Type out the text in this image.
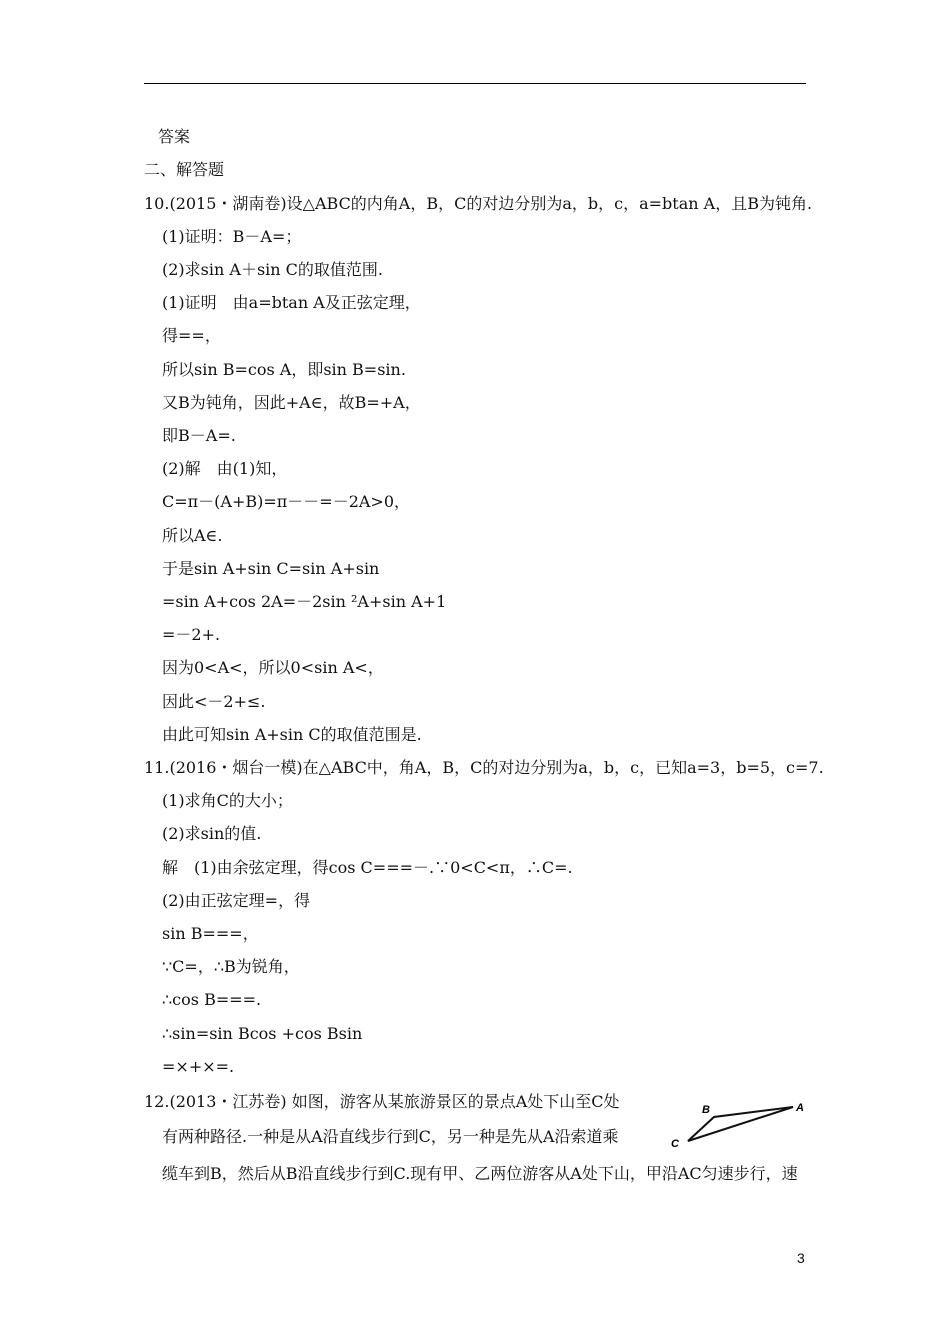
答案
二、解答题
10.(2015・湖南卷)设△ABC的内角A，B，C的对边分别为a，b，c，a=btan A，且B为钝角.
(1)证明：B－A=；
(2)求sin A＋sin C的取值范围.
(1)证明　由a=btan A及正弦定理，
得==，
所以sin B=cos A，即sin B=sin.
又B为钝角，因此+A∈，故B=+A，
即B－A=.
(2)解　由(1)知，
C=π－(A+B)=π－－=－2A>0，
所以A∈.
于是sin A+sin C=sin A+sin
=sin A+cos 2A=－2sin ²A+sin A+1
=－2+.
因为0<A<，所以0<sin A<，
因此<－2+≤.
由此可知sin A+sin C的取值范围是.
11.(2016・烟台一模)在△ABC中，角A，B，C的对边分别为a，b，c，已知a=3，b=5，c=7.
(1)求角C的大小；
(2)求sin的值.
解　(1)由余弦定理，得cos C===－.∵0<C<π，∴C=.
(2)由正弦定理=，得
sin B===，
∵C=，∴B为锐角，
∴cos B===.
∴sin=sin Bcos +cos Bsin
=×+×=.
12.(2013・江苏卷) 如图，游客从某旅游景区的景点A处下山至C处
有两种路径.一种是从A沿直线步行到C，另一种是先从A沿索道乘
缆车到B，然后从B沿直线步行到C.现有甲、乙两位游客从A处下山，甲沿AC匀速步行，速
B	A
C
3
